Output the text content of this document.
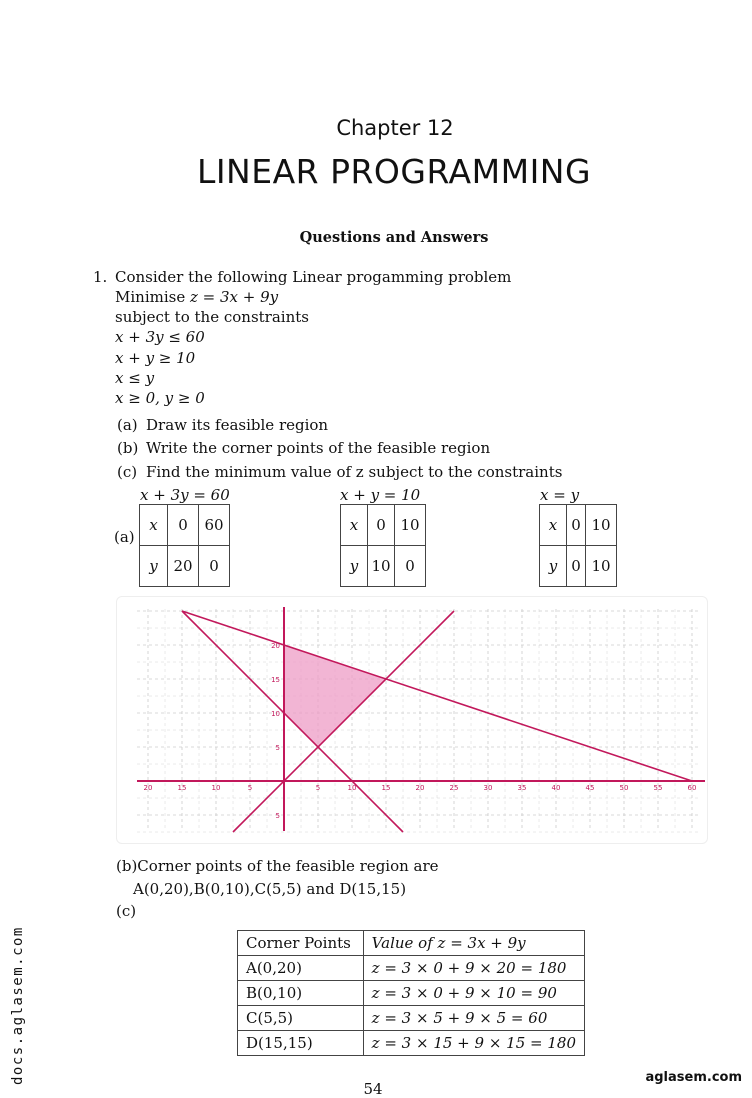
Chapter 12
LINEAR PROGRAMMING
Questions and Answers
1. Consider the following Linear progamming problem
Minimise z = 3x + 9y
subject to the constraints
x + 3y ≤ 60
x + y ≥ 10
x ≤ y
x ≥ 0, y ≥ 0
(a) Draw its feasible region
(b) Write the corner points of the feasible region
(c) Find the minimum value of z subject to the constraints
(a)
x + 3y = 60
x	0	60
y	20	0
x + y = 10
x	0	10
y	10	0
x = y
x	0	10
y	0	10
20	15	10	5	5	10	15	20	25	30	35	40	45	50	55	60
20
15
10
5
5
(b)Corner points of the feasible region are
A(0,20),B(0,10),C(5,5) and D(15,15)
(c)
Corner Points	Value of z = 3x + 9y
A(0,20)	z = 3 × 0 + 9 × 20 = 180
B(0,10)	z = 3 × 0 + 9 × 10 = 90
C(5,5)	z = 3 × 5 + 9 × 5 = 60
D(15,15)	z = 3 × 15 + 9 × 15 = 180
54
docs.aglasem.com	aglasem.com
